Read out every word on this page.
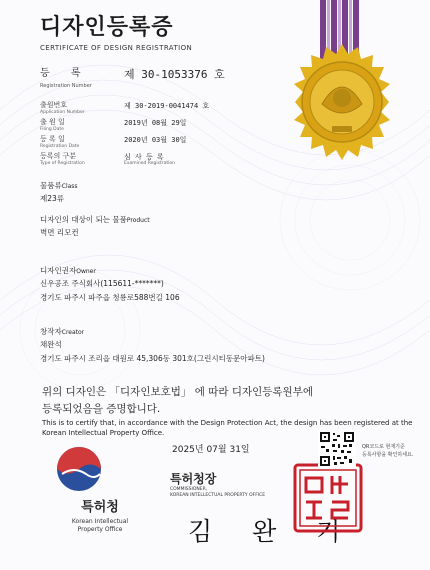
디자인등록증
CERTIFICATE OF DESIGN REGISTRATION
등 록
Registration Number
제 30-1053376 호
출원번호
Application Number
제 30-2019-0041474 호
출 원 일
Filing Date
2019년 08월 29일
등 록 일
Registration Date
2020년 03월 30일
등록의 구분
Type of Registration
심 사 등 록
Examined Registration
물품류Class
제23류
디자인의 대상이 되는 물품Product
벽면 리모컨
디자인권자Owner
신우공조 주식회사(115611-*******)
경기도 파주시 파주읍 청룡로588번길 106
창작자Creator
채완석
경기도 파주시 조리읍 대원로 45,306동 301호(그린시티동문아파트)
위의 디자인은 「디자인보호법」 에 따라 디자인등록원부에
등록되었음을 증명합니다.
This is to certify that, in accordance with the Design Protection Act, the design has been registered at the Korean Intellectual Property Office.
2025년 07월 31일
특허청
Korean Intellectual
Property Office
특허청장
COMMISSIONER,
KOREAN INTELLECTUAL PROPERTY OFFICE
김 완 기
QR코드로 현재기준
등록사항을 확인하세요.
